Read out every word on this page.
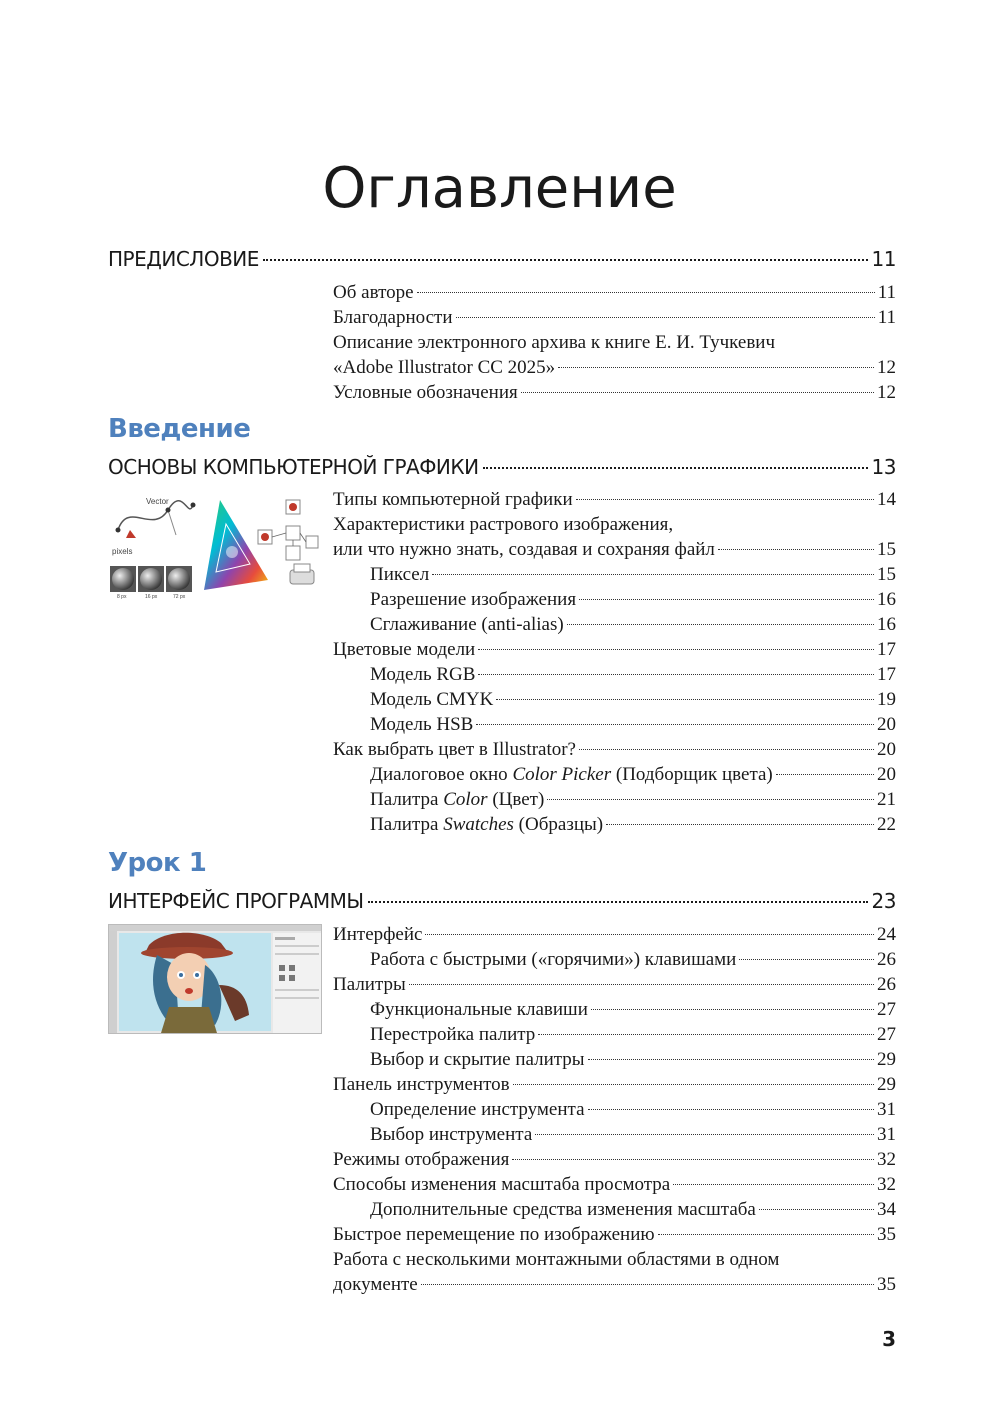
Оглавление
ПРЕДИСЛОВИЕ	11
Об авторе	11
Благодарности	11
Описание электронного архива к книге Е. И. Тучкевич
«Adobe Illustrator CC 2025»	12
Условные обозначения	12
Введение
ОСНОВЫ КОМПЬЮТЕРНОЙ ГРАФИКИ	13
Vector
pixels
8 px	16 px	72 px
Типы компьютерной графики	14
Характеристики растрового изображения,
или что нужно знать, создавая и сохраняя файл	15
Пиксел	15
Разрешение изображения	16
Сглаживание (anti-alias)	16
Цветовые модели	17
Модель RGB	17
Модель CMYK	19
Модель HSB	20
Как выбрать цвет в Illustrator?	20
Диалоговое окно Color Picker (Подборщик цвета)	20
Палитра Color (Цвет)	21
Палитра Swatches (Образцы)	22
Урок 1
ИНТЕРФЕЙС ПРОГРАММЫ	23
Интерфейс	24
Работа с быстрыми («горячими») клавишами	26
Палитры	26
Функциональные клавиши	27
Перестройка палитр	27
Выбор и скрытие палитры	29
Панель инструментов	29
Определение инструмента	31
Выбор инструмента	31
Режимы отображения	32
Способы изменения масштаба просмотра	32
Дополнительные средства изменения масштаба	34
Быстрое перемещение по изображению	35
Работа с несколькими монтажными областями в одном
документе	35
3
